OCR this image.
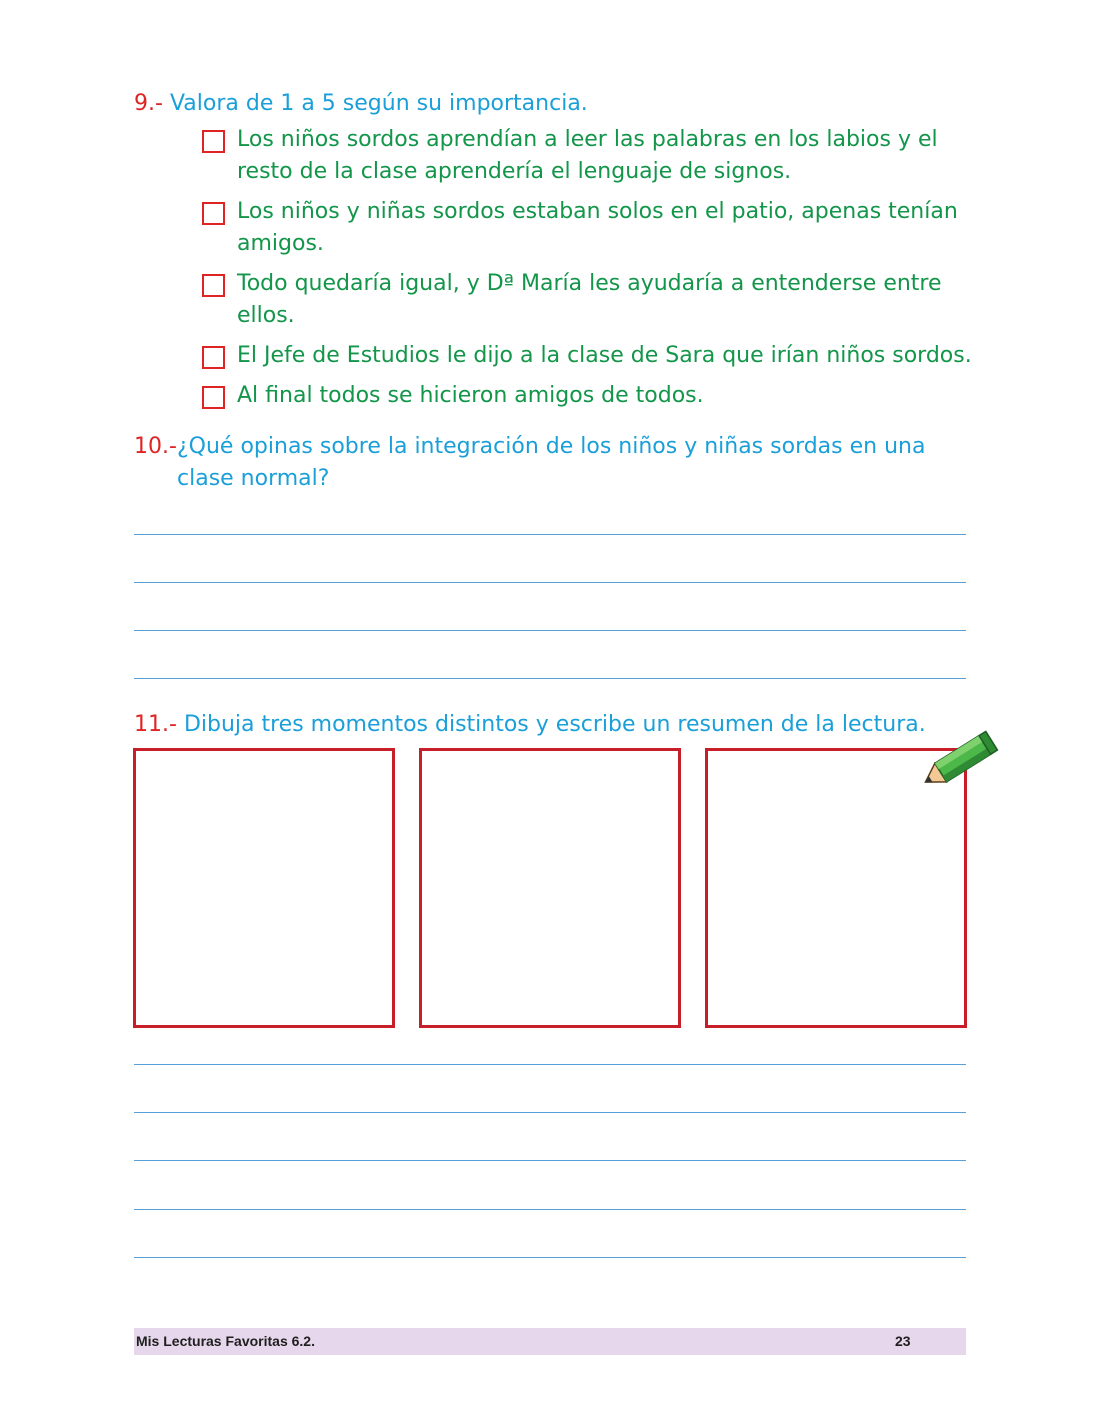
9.- Valora de 1 a 5 según su importancia.
Los niños sordos aprendían a leer las palabras en los labios y el resto de la clase aprendería el lenguaje de signos.
Los niños y niñas sordos estaban solos en el patio, apenas tenían amigos.
Todo quedaría igual, y Dª María les ayudaría a entenderse entre ellos.
El Jefe de Estudios le dijo a la clase de Sara que irían niños sordos.
Al final todos se hicieron amigos de todos.
10.- ¿Qué opinas sobre la integración de los niños y niñas sordas en una clase normal?
11.- Dibuja tres momentos distintos y escribe un resumen de la lectura.
Mis Lecturas Favoritas 6.2.	23
